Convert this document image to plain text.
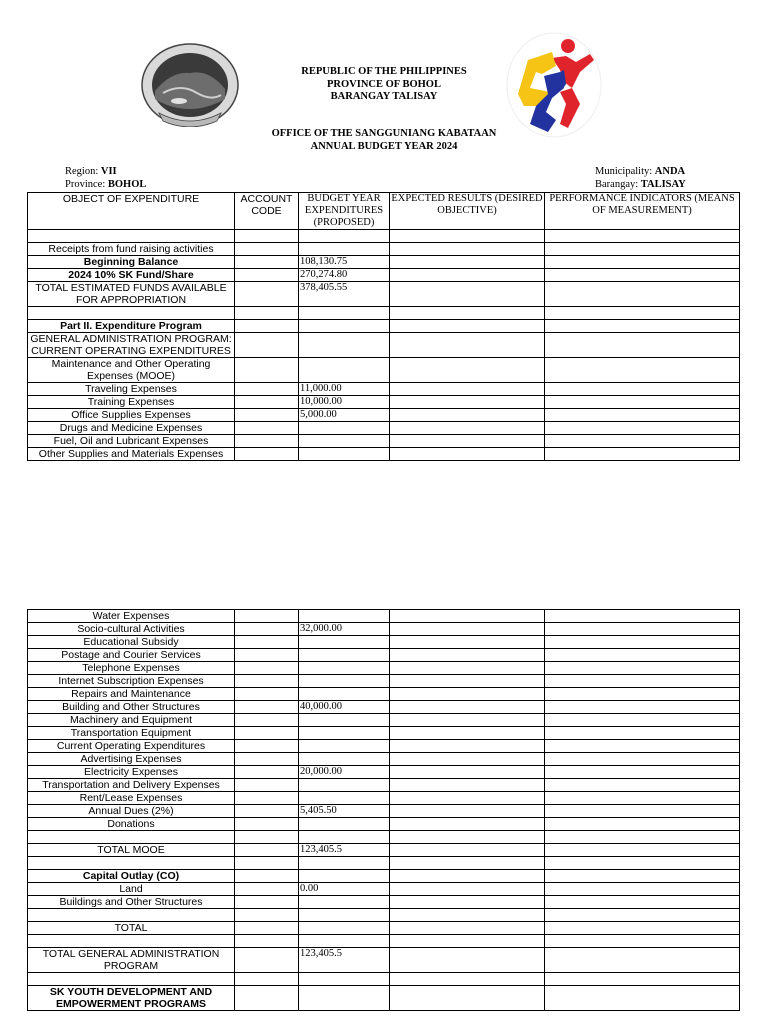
REPUBLIC OF THE PHILIPPINES
PROVINCE OF BOHOL
BARANGAY TALISAY
OFFICE OF THE SANGGUNIANG KABATAAN
ANNUAL BUDGET YEAR 2024
Region: VII
Province: BOHOL
Municipality: ANDA
Barangay: TALISAY
OBJECT OF EXPENDITURE	ACCOUNT CODE	BUDGET YEAR EXPENDITURES (PROPOSED)	EXPECTED RESULTS (DESIRED OBJECTIVE)	PERFORMANCE INDICATORS (MEANS OF MEASUREMENT)

Receipts from fund raising activities				
Beginning Balance		108,130.75		
2024 10% SK Fund/Share		270,274.80		
TOTAL ESTIMATED FUNDS AVAILABLE FOR APPROPRIATION		378,405.55		

Part II. Expenditure Program				
GENERAL ADMINISTRATION PROGRAM: CURRENT OPERATING EXPENDITURES				
Maintenance and Other Operating Expenses (MOOE)				
Traveling Expenses		11,000.00		
Training Expenses		10,000.00		
Office Supplies Expenses		5,000.00		
Drugs and Medicine Expenses				
Fuel, Oil and Lubricant Expenses				
Other Supplies and Materials Expenses				
Water Expenses				
Socio-cultural Activities		32,000.00		
Educational Subsidy				
Postage and Courier Services				
Telephone Expenses				
Internet Subscription Expenses				
Repairs and Maintenance				
Building and Other Structures		40,000.00		
Machinery and Equipment				
Transportation Equipment				
Current Operating Expenditures				
Advertising Expenses				
Electricity Expenses		20,000.00		
Transportation and Delivery Expenses				
Rent/Lease Expenses				
Annual Dues (2%)		5,405.50		
Donations				

TOTAL MOOE		123,405.5		

Capital Outlay (CO)				
Land		0.00		
Buildings and Other Structures				

TOTAL				

TOTAL GENERAL ADMINISTRATION PROGRAM		123,405.5		

SK YOUTH DEVELOPMENT AND EMPOWERMENT PROGRAMS				
